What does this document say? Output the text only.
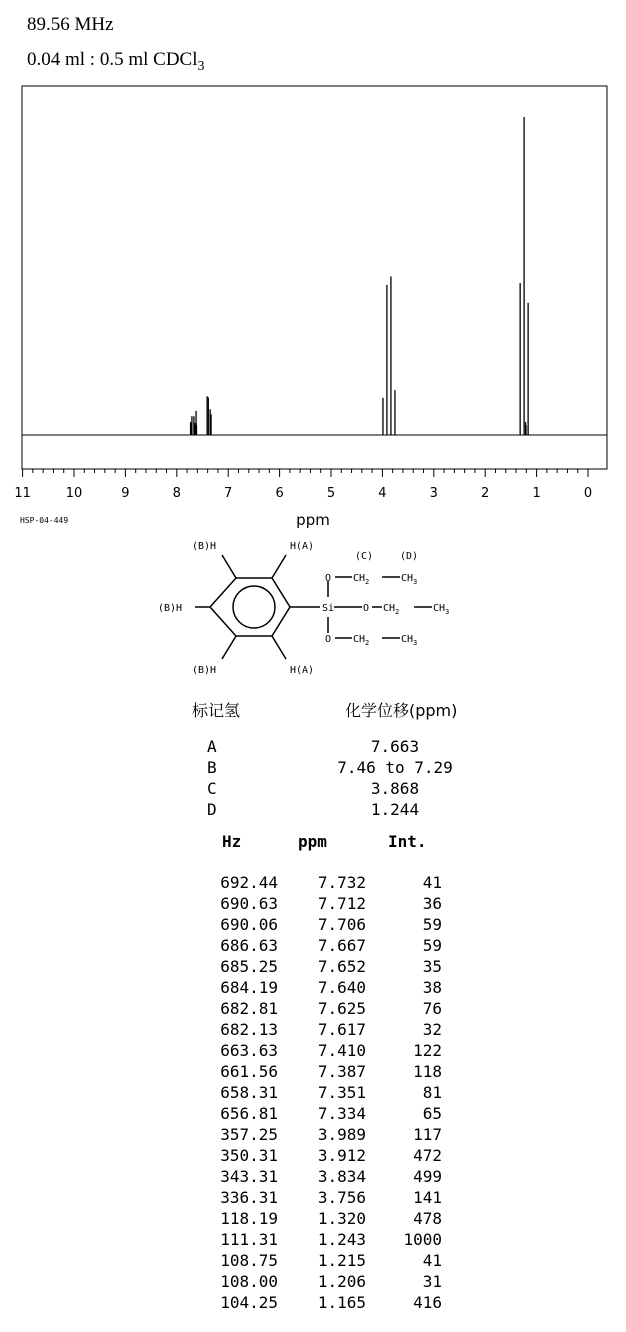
89.56 MHz
0.04 ml : 0.5 ml CDCl$_3$
11	10	9	8	7	6	5	4	3	2	1	0
ppm
HSP-04-449
(B)H	H(A)
(B)H
(B)H	H(A)
(C)	(D)
Si
O $CH_2$	$CH_3$
O $CH_2$	$CH_3$
O $CH_2$	$CH_3$
标记氢	化学位移(ppm)
A	7.663
B	7.46 to 7.29
C	3.868
D	1.244
Hz	ppm	Int.
692.44 7.732	41
690.63 7.712	36
690.06 7.706	59
686.63 7.667	59
685.25 7.652	35
684.19 7.640	38
682.81 7.625	76
682.13 7.617	32
663.63 7.410	122
661.56 7.387	118
658.31 7.351	81
656.81 7.334	65
357.25 3.989	117
350.31 3.912	472
343.31 3.834	499
336.31 3.756	141
118.19 1.320	478
111.31 1.243 1000
108.75 1.215	41
108.00 1.206	31
104.25 1.165	416
